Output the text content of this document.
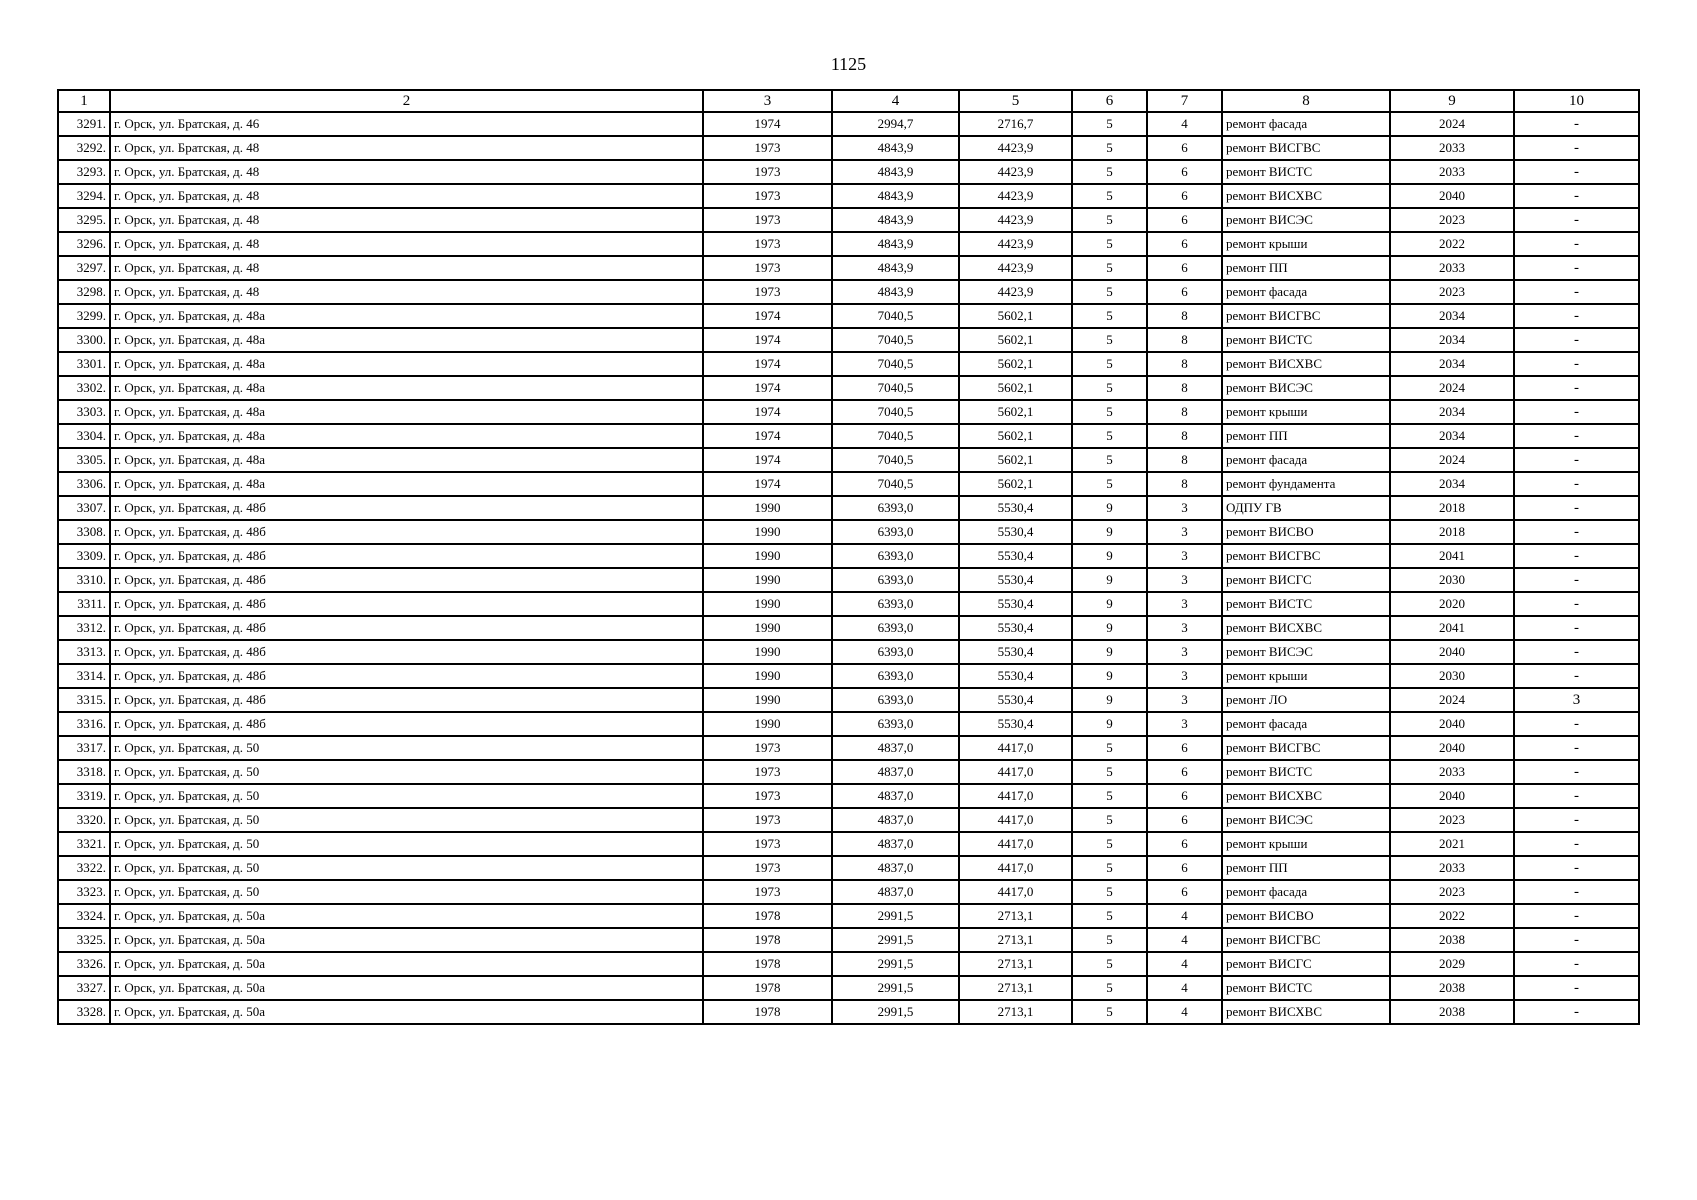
1125
1	2	3	4	5	6	7	8	9	10
3291.	г. Орск, ул. Братская, д. 46	1974	2994,7	2716,7	5	4	ремонт фасада	2024	-
3292.	г. Орск, ул. Братская, д. 48	1973	4843,9	4423,9	5	6	ремонт ВИСГВС	2033	-
3293.	г. Орск, ул. Братская, д. 48	1973	4843,9	4423,9	5	6	ремонт ВИСТС	2033	-
3294.	г. Орск, ул. Братская, д. 48	1973	4843,9	4423,9	5	6	ремонт ВИСХВС	2040	-
3295.	г. Орск, ул. Братская, д. 48	1973	4843,9	4423,9	5	6	ремонт ВИСЭС	2023	-
3296.	г. Орск, ул. Братская, д. 48	1973	4843,9	4423,9	5	6	ремонт крыши	2022	-
3297.	г. Орск, ул. Братская, д. 48	1973	4843,9	4423,9	5	6	ремонт ПП	2033	-
3298.	г. Орск, ул. Братская, д. 48	1973	4843,9	4423,9	5	6	ремонт фасада	2023	-
3299.	г. Орск, ул. Братская, д. 48а	1974	7040,5	5602,1	5	8	ремонт ВИСГВС	2034	-
3300.	г. Орск, ул. Братская, д. 48а	1974	7040,5	5602,1	5	8	ремонт ВИСТС	2034	-
3301.	г. Орск, ул. Братская, д. 48а	1974	7040,5	5602,1	5	8	ремонт ВИСХВС	2034	-
3302.	г. Орск, ул. Братская, д. 48а	1974	7040,5	5602,1	5	8	ремонт ВИСЭС	2024	-
3303.	г. Орск, ул. Братская, д. 48а	1974	7040,5	5602,1	5	8	ремонт крыши	2034	-
3304.	г. Орск, ул. Братская, д. 48а	1974	7040,5	5602,1	5	8	ремонт ПП	2034	-
3305.	г. Орск, ул. Братская, д. 48а	1974	7040,5	5602,1	5	8	ремонт фасада	2024	-
3306.	г. Орск, ул. Братская, д. 48а	1974	7040,5	5602,1	5	8	ремонт фундамента	2034	-
3307.	г. Орск, ул. Братская, д. 48б	1990	6393,0	5530,4	9	3	ОДПУ ГВ	2018	-
3308.	г. Орск, ул. Братская, д. 48б	1990	6393,0	5530,4	9	3	ремонт ВИСВО	2018	-
3309.	г. Орск, ул. Братская, д. 48б	1990	6393,0	5530,4	9	3	ремонт ВИСГВС	2041	-
3310.	г. Орск, ул. Братская, д. 48б	1990	6393,0	5530,4	9	3	ремонт ВИСГС	2030	-
3311.	г. Орск, ул. Братская, д. 48б	1990	6393,0	5530,4	9	3	ремонт ВИСТС	2020	-
3312.	г. Орск, ул. Братская, д. 48б	1990	6393,0	5530,4	9	3	ремонт ВИСХВС	2041	-
3313.	г. Орск, ул. Братская, д. 48б	1990	6393,0	5530,4	9	3	ремонт ВИСЭС	2040	-
3314.	г. Орск, ул. Братская, д. 48б	1990	6393,0	5530,4	9	3	ремонт крыши	2030	-
3315.	г. Орск, ул. Братская, д. 48б	1990	6393,0	5530,4	9	3	ремонт ЛО	2024	3
3316.	г. Орск, ул. Братская, д. 48б	1990	6393,0	5530,4	9	3	ремонт фасада	2040	-
3317.	г. Орск, ул. Братская, д. 50	1973	4837,0	4417,0	5	6	ремонт ВИСГВС	2040	-
3318.	г. Орск, ул. Братская, д. 50	1973	4837,0	4417,0	5	6	ремонт ВИСТС	2033	-
3319.	г. Орск, ул. Братская, д. 50	1973	4837,0	4417,0	5	6	ремонт ВИСХВС	2040	-
3320.	г. Орск, ул. Братская, д. 50	1973	4837,0	4417,0	5	6	ремонт ВИСЭС	2023	-
3321.	г. Орск, ул. Братская, д. 50	1973	4837,0	4417,0	5	6	ремонт крыши	2021	-
3322.	г. Орск, ул. Братская, д. 50	1973	4837,0	4417,0	5	6	ремонт ПП	2033	-
3323.	г. Орск, ул. Братская, д. 50	1973	4837,0	4417,0	5	6	ремонт фасада	2023	-
3324.	г. Орск, ул. Братская, д. 50а	1978	2991,5	2713,1	5	4	ремонт ВИСВО	2022	-
3325.	г. Орск, ул. Братская, д. 50а	1978	2991,5	2713,1	5	4	ремонт ВИСГВС	2038	-
3326.	г. Орск, ул. Братская, д. 50а	1978	2991,5	2713,1	5	4	ремонт ВИСГС	2029	-
3327.	г. Орск, ул. Братская, д. 50а	1978	2991,5	2713,1	5	4	ремонт ВИСТС	2038	-
3328.	г. Орск, ул. Братская, д. 50а	1978	2991,5	2713,1	5	4	ремонт ВИСХВС	2038	-
